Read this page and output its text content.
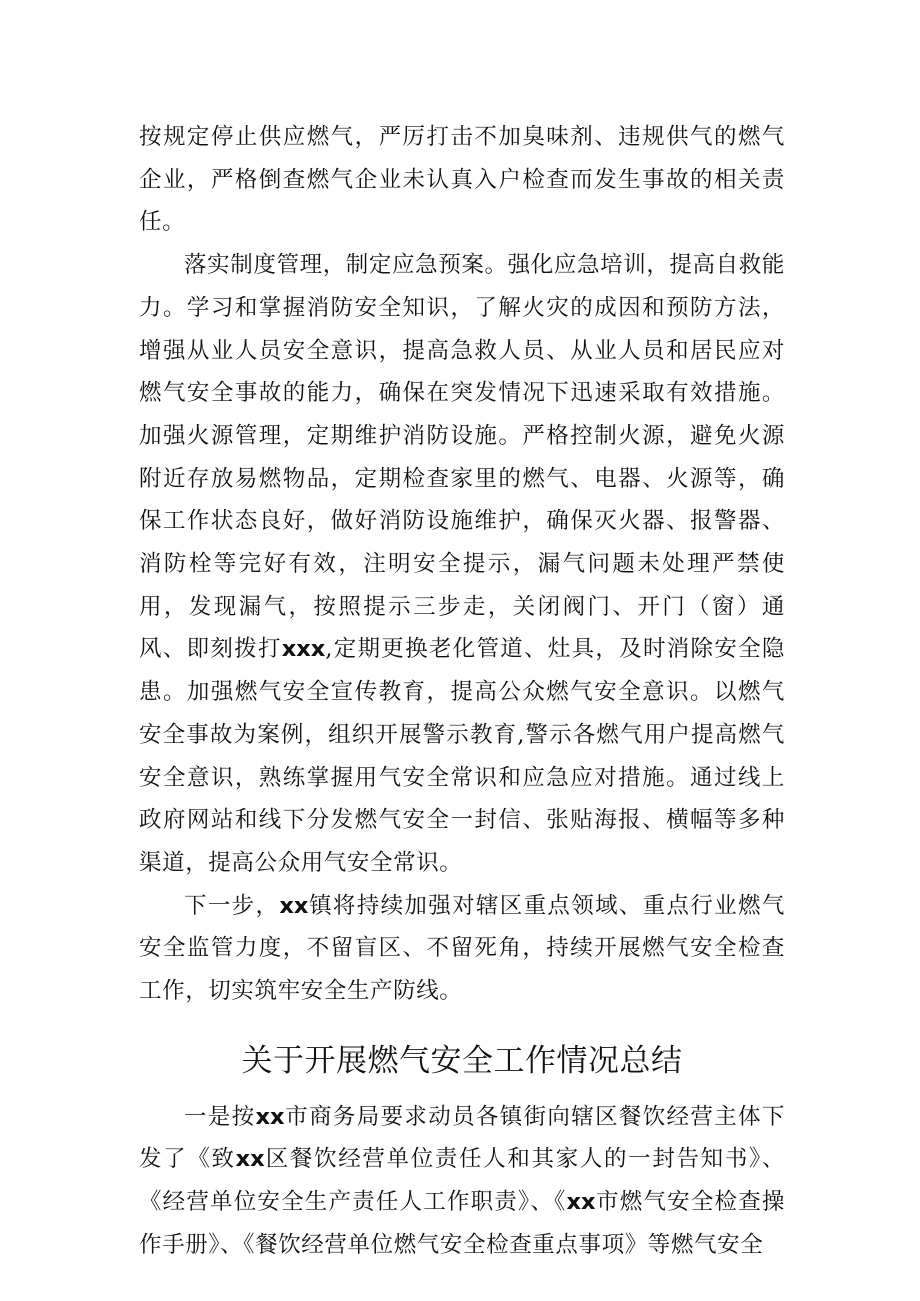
按规定停止供应燃气，严厉打击不加臭味剂、违规供气的燃气企业，严格倒查燃气企业未认真入户检查而发生事故的相关责任。

落实制度管理，制定应急预案。强化应急培训，提高自救能力。学习和掌握消防安全知识，了解火灾的成因和预防方法，增强从业人员安全意识，提高急救人员、从业人员和居民应对燃气安全事故的能力，确保在突发情况下迅速采取有效措施。加强火源管理，定期维护消防设施。严格控制火源，避免火源附近存放易燃物品，定期检查家里的燃气、电器、火源等，确保工作状态良好，做好消防设施维护，确保灭火器、报警器、消防栓等完好有效，注明安全提示，漏气问题未处理严禁使用，发现漏气，按照提示三步走，关闭阀门、开门（窗）通风、即刻拨打xxx,定期更换老化管道、灶具，及时消除安全隐患。加强燃气安全宣传教育，提高公众燃气安全意识。以燃气安全事故为案例，组织开展警示教育,警示各燃气用户提高燃气安全意识，熟练掌握用气安全常识和应急应对措施。通过线上政府网站和线下分发燃气安全一封信、张贴海报、横幅等多种渠道，提高公众用气安全常识。

下一步，xx镇将持续加强对辖区重点领域、重点行业燃气安全监管力度，不留盲区、不留死角，持续开展燃气安全检查工作，切实筑牢安全生产防线。

关于开展燃气安全工作情况总结

一是按xx市商务局要求动员各镇街向辖区餐饮经营主体下发了《致xx区餐饮经营单位责任人和其家人的一封告知书》、《经营单位安全生产责任人工作职责》、《xx市燃气安全检查操作手册》、《餐饮经营单位燃气安全检查重点事项》等燃气安全
